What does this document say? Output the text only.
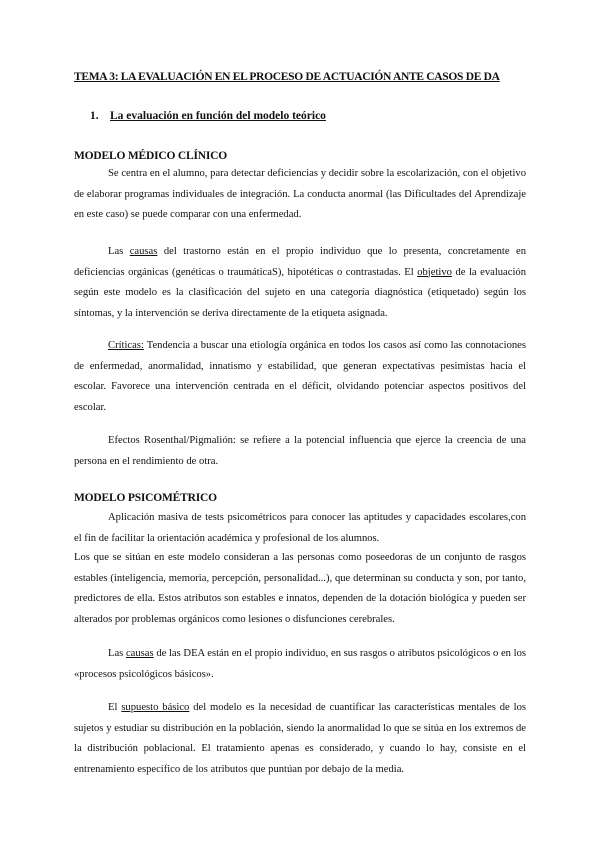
TEMA 3: LA EVALUACIÓN EN EL PROCESO DE ACTUACIÓN ANTE CASOS DE DA
1. La evaluación en función del modelo teórico
MODELO MÉDICO CLÍNICO

Se centra en el alumno, para detectar deficiencias y decidir sobre la escolarización, con el objetivo de elaborar programas individuales de integración. La conducta anormal (las Dificultades del Aprendizaje en este caso) se puede comparar con una enfermedad.

Las causas del trastorno están en el propio individuo que lo presenta, concretamente en deficiencias orgánicas (genéticas o traumáticaS), hipotéticas o contrastadas. El objetivo de la evaluación según este modelo es la clasificación del sujeto en una categoría diagnóstica (etiquetado) según los síntomas, y la intervención se deriva directamente de la etiqueta asignada.

Críticas: Tendencia a buscar una etiología orgánica en todos los casos así como las connotaciones de enfermedad, anormalidad, innatismo y estabilidad, que generan expectativas pesimistas hacia el escolar. Favorece una intervención centrada en el déficit, olvidando potenciar aspectos positivos del escolar.

Efectos Rosenthal/Pigmalión: se refiere a la potencial influencia que ejerce la creencia de una persona en el rendimiento de otra.

MODELO PSICOMÉTRICO

Aplicación masiva de tests psicométricos para conocer las aptitudes y capacidades escolares,con el fin de facilitar la orientación académica y profesional de los alumnos.

Los que se sitúan en este modelo consideran a las personas como poseedoras de un conjunto de rasgos estables (inteligencia, memoria, percepción, personalidad...), que determinan su conducta y son, por tanto, predictores de ella. Estos atributos son estables e innatos, dependen de la dotación biológica y pueden ser alterados por problemas orgánicos como lesiones o disfunciones cerebrales.

Las causas de las DEA están en el propio individuo, en sus rasgos o atributos psicológicos o en los «procesos psicológicos básicos».

El supuesto básico del modelo es la necesidad de cuantificar las características mentales de los sujetos y estudiar su distribución en la población, siendo la anormalidad lo que se sitúa en los extremos de la distribución poblacional. El tratamiento apenas es considerado, y cuando lo hay, consiste en el entrenamiento específico de los atributos que puntúan por debajo de la media.
